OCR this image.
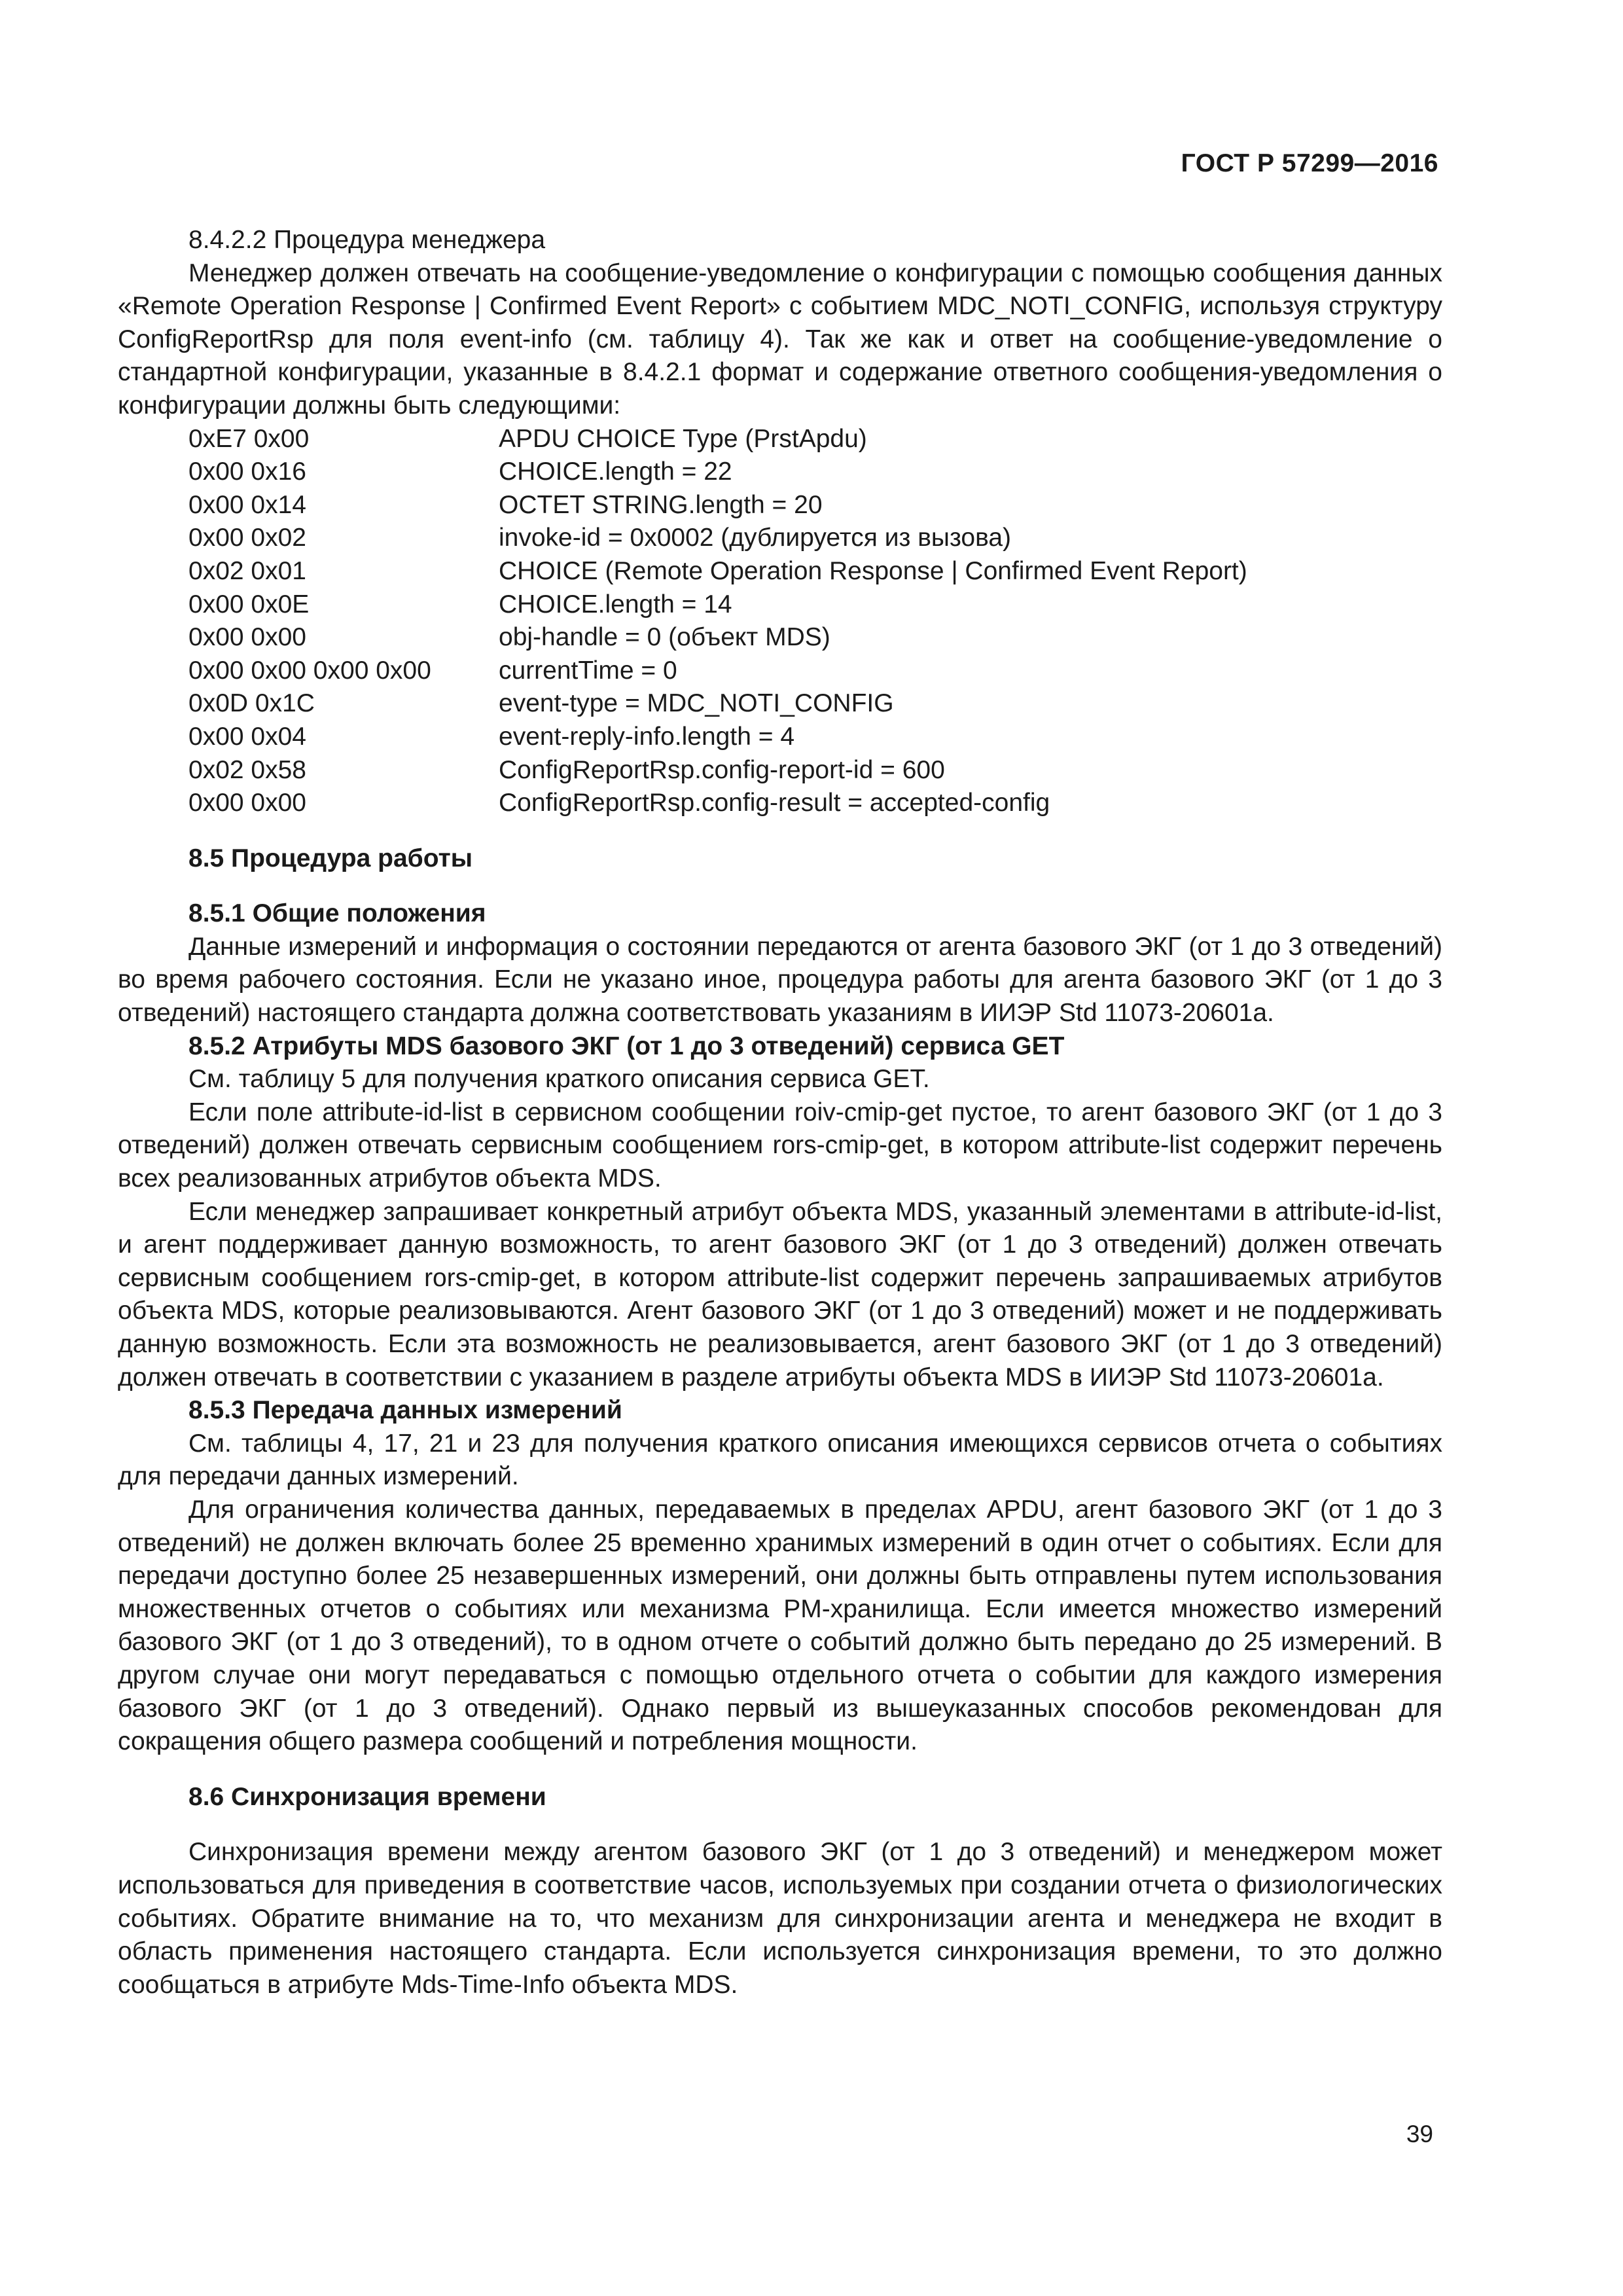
ГОСТ Р 57299—2016

8.4.2.2 Процедура менеджера

Менеджер должен отвечать на сообщение-уведомление о конфигурации с помощью сообщения данных «Remote Operation Response | Confirmed Event Report» с событием MDC_NOTI_CONFIG, используя структуру ConfigReportRsp для поля event-info (см. таблицу 4). Так же как и ответ на сообщение-уведомление о стандартной конфигурации, указанные в 8.4.2.1 формат и содержание ответного сообщения-уведомления о конфигурации должны быть следующими:

0xE7 0x00	APDU CHOICE Type (PrstApdu)
0x00 0x16	CHOICE.length = 22
0x00 0x14	OCTET STRING.length = 20
0x00 0x02	invoke-id = 0x0002 (дублируется из вызова)
0x02 0x01	CHOICE (Remote Operation Response | Confirmed Event Report)
0x00 0x0E	CHOICE.length = 14
0x00 0x00	obj-handle = 0 (объект MDS)
0x00 0x00 0x00 0x00	currentTime = 0
0x0D 0x1C	event-type = MDC_NOTI_CONFIG
0x00 0x04	event-reply-info.length = 4
0x02 0x58	ConfigReportRsp.config-report-id = 600
0x00 0x00	ConfigReportRsp.config-result = accepted-config
8.5 Процедура работы
8.5.1 Общие положения

Данные измерений и информация о состоянии передаются от агента базового ЭКГ (от 1 до 3 отведений) во время рабочего состояния. Если не указано иное, процедура работы для агента базового ЭКГ (от 1 до 3 отведений) настоящего стандарта должна соответствовать указаниям в ИИЭР Std 11073-20601a.

8.5.2 Атрибуты MDS базового ЭКГ (от 1 до 3 отведений) сервиса GET

См. таблицу 5 для получения краткого описания сервиса GET.

Если поле attribute-id-list в сервисном сообщении roiv-cmip-get пустое, то агент базового ЭКГ (от 1 до 3 отведений) должен отвечать сервисным сообщением rors-cmip-get, в котором attribute-list содержит перечень всех реализованных атрибутов объекта MDS.

Если менеджер запрашивает конкретный атрибут объекта MDS, указанный элементами в attribute-id-list, и агент поддерживает данную возможность, то агент базового ЭКГ (от 1 до 3 отведений) должен отвечать сервисным сообщением rors-cmip-get, в котором attribute-list содержит перечень запрашиваемых атрибутов объекта MDS, которые реализовываются. Агент базового ЭКГ (от 1 до 3 отведений) может и не поддерживать данную возможность. Если эта возможность не реализовывается, агент базового ЭКГ (от 1 до 3 отведений) должен отвечать в соответствии с указанием в разделе атрибуты объекта MDS в ИИЭР Std 11073-20601a.

8.5.3 Передача данных измерений

См. таблицы 4, 17, 21 и 23 для получения краткого описания имеющихся сервисов отчета о событиях для передачи данных измерений.

Для ограничения количества данных, передаваемых в пределах APDU, агент базового ЭКГ (от 1 до 3 отведений) не должен включать более 25 временно хранимых измерений в один отчет о событиях. Если для передачи доступно более 25 незавершенных измерений, они должны быть отправлены путем использования множественных отчетов о событиях или механизма PM-хранилища. Если имеется множество измерений базового ЭКГ (от 1 до 3 отведений), то в одном отчете о событий должно быть передано до 25 измерений. В другом случае они могут передаваться с помощью отдельного отчета о событии для каждого измерения базового ЭКГ (от 1 до 3 отведений). Однако первый из вышеуказанных способов рекомендован для сокращения общего размера сообщений и потребления мощности.

8.6 Синхронизация времени

Синхронизация времени между агентом базового ЭКГ (от 1 до 3 отведений) и менеджером может использоваться для приведения в соответствие часов, используемых при создании отчета о физиологических событиях. Обратите внимание на то, что механизм для синхронизации агента и менеджера не входит в область применения настоящего стандарта. Если используется синхронизация времени, то это должно сообщаться в атрибуте Mds-Time-Info объекта MDS.

39
